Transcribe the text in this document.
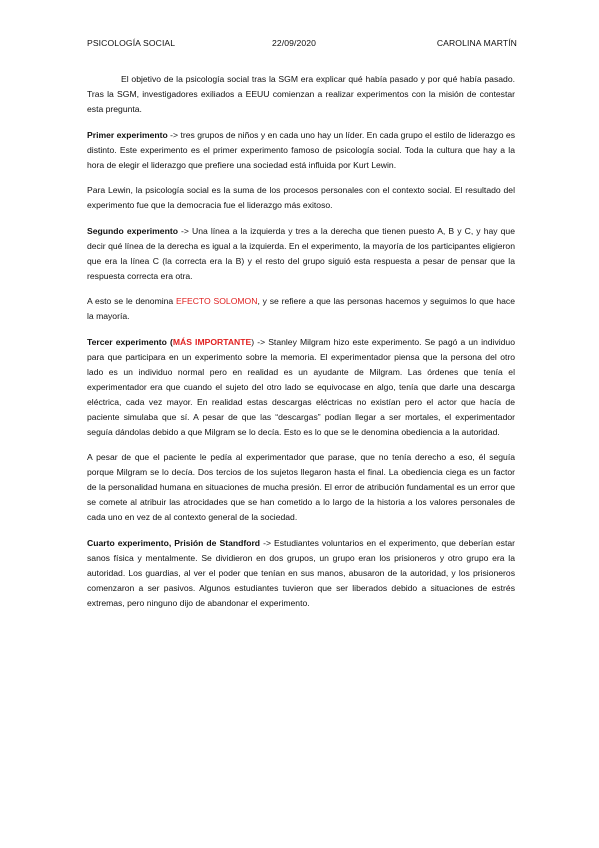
PSICOLOGÍA SOCIAL	22/09/2020	CAROLINA MARTÍN

El objetivo de la psicología social tras la SGM era explicar qué había pasado y por qué había pasado. Tras la SGM, investigadores exiliados a EEUU comienzan a realizar experimentos con la misión de contestar esta pregunta.

Primer experimento -> tres grupos de niños y en cada uno hay un líder. En cada grupo el estilo de liderazgo es distinto. Este experimento es el primer experimento famoso de psicología social. Toda la cultura que hay a la hora de elegir el liderazgo que prefiere una sociedad está influida por Kurt Lewin.

Para Lewin, la psicología social es la suma de los procesos personales con el contexto social. El resultado del experimento fue que la democracia fue el liderazgo más exitoso.

Segundo experimento -> Una línea a la izquierda y tres a la derecha que tienen puesto A, B y C, y hay que decir qué línea de la derecha es igual a la izquierda. En el experimento, la mayoría de los participantes eligieron que era la línea C (la correcta era la B) y el resto del grupo siguió esta respuesta a pesar de pensar que la respuesta correcta era otra.

A esto se le denomina EFECTO SOLOMON, y se refiere a que las personas hacemos y seguimos lo que hace la mayoría.

Tercer experimento (MÁS IMPORTANTE) -> Stanley Milgram hizo este experimento. Se pagó a un individuo para que participara en un experimento sobre la memoria. El experimentador piensa que la persona del otro lado es un individuo normal pero en realidad es un ayudante de Milgram. Las órdenes que tenía el experimentador era que cuando el sujeto del otro lado se equivocase en algo, tenía que darle una descarga eléctrica, cada vez mayor. En realidad estas descargas eléctricas no existían pero el actor que hacía de paciente simulaba que sí. A pesar de que las “descargas” podían llegar a ser mortales, el experimentador seguía dándolas debido a que Milgram se lo decía. Esto es lo que se le denomina obediencia a la autoridad.

A pesar de que el paciente le pedía al experimentador que parase, que no tenía derecho a eso, él seguía porque Milgram se lo decía. Dos tercios de los sujetos llegaron hasta el final. La obediencia ciega es un factor de la personalidad humana en situaciones de mucha presión. El error de atribución fundamental es un error que se comete al atribuir las atrocidades que se han cometido a lo largo de la historia a los valores personales de cada uno en vez de al contexto general de la sociedad.

Cuarto experimento, Prisión de Standford -> Estudiantes voluntarios en el experimento, que deberían estar sanos física y mentalmente. Se dividieron en dos grupos, un grupo eran los prisioneros y otro grupo era la autoridad. Los guardias, al ver el poder que tenían en sus manos, abusaron de la autoridad, y los prisioneros comenzaron a ser pasivos. Algunos estudiantes tuvieron que ser liberados debido a situaciones de estrés extremas, pero ninguno dijo de abandonar el experimento.
